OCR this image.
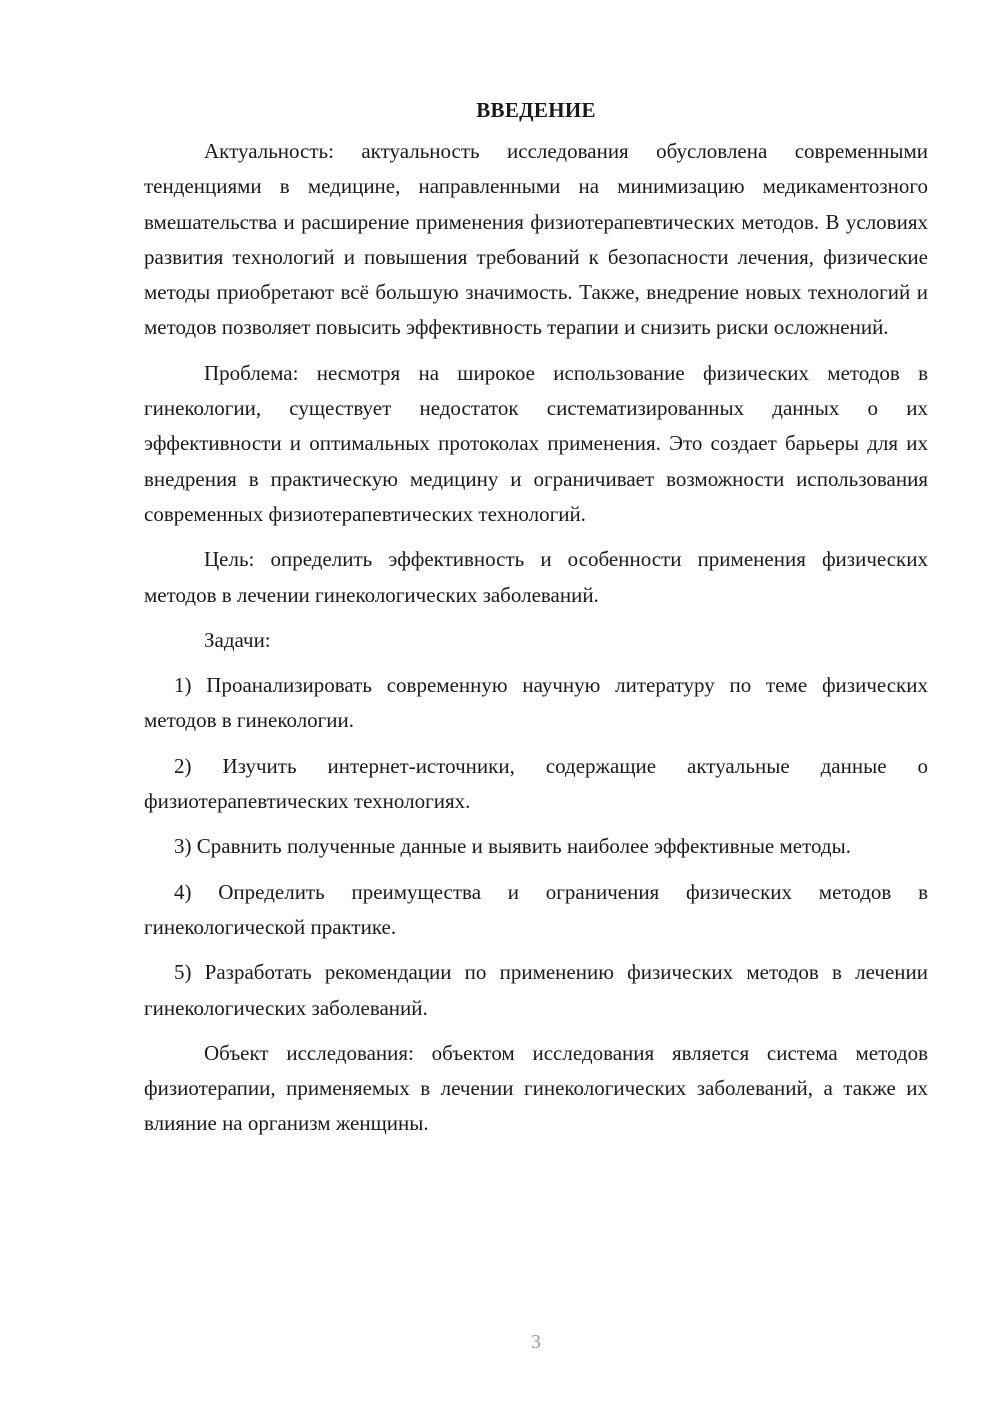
ВВЕДЕНИЕ

Актуальность: актуальность исследования обусловлена современными тенденциями в медицине, направленными на минимизацию медикаментозного вмешательства и расширение применения физиотерапевтических методов. В условиях развития технологий и повышения требований к безопасности лечения, физические методы приобретают всё большую значимость. Также, внедрение новых технологий и методов позволяет повысить эффективность терапии и снизить риски осложнений.

Проблема: несмотря на широкое использование физических методов в гинекологии, существует недостаток систематизированных данных о их эффективности и оптимальных протоколах применения. Это создает барьеры для их внедрения в практическую медицину и ограничивает возможности использования современных физиотерапевтических технологий.

Цель: определить эффективность и особенности применения физических методов в лечении гинекологических заболеваний.

Задачи:

1) Проанализировать современную научную литературу по теме физических методов в гинекологии.

2) Изучить интернет-источники, содержащие актуальные данные о физиотерапевтических технологиях.

3) Сравнить полученные данные и выявить наиболее эффективные методы.

4) Определить преимущества и ограничения физических методов в гинекологической практике.

5) Разработать рекомендации по применению физических методов в лечении гинекологических заболеваний.

Объект исследования: объектом исследования является система методов физиотерапии, применяемых в лечении гинекологических заболеваний, а также их влияние на организм женщины.

3
